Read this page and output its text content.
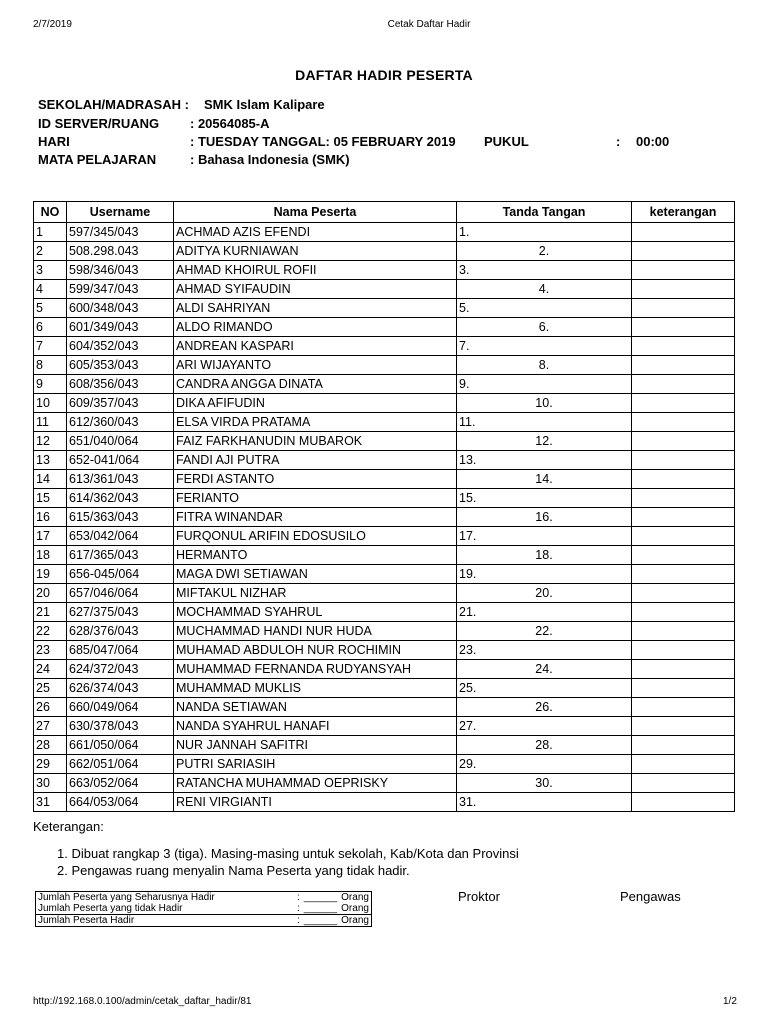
2/7/2019	Cetak Daftar Hadir
DAFTAR HADIR PESERTA
SEKOLAH/MADRASAH : SMK Islam Kalipare
ID SERVER/RUANG : 20564085-A
HARI	: TUESDAY TANGGAL: 05 FEBRUARY 2019 PUKUL	: 00:00
MATA PELAJARAN	: Bahasa Indonesia (SMK)
NO	Username	Nama Peserta	Tanda Tangan	keterangan
1	597/345/043	ACHMAD AZIS EFENDI	1.	
2	508.298.043	ADITYA KURNIAWAN	2.	
3	598/346/043	AHMAD KHOIRUL ROFII	3.	
4	599/347/043	AHMAD SYIFAUDIN	4.	
5	600/348/043	ALDI SAHRIYAN	5.	
6	601/349/043	ALDO RIMANDO	6.	
7	604/352/043	ANDREAN KASPARI	7.	
8	605/353/043	ARI WIJAYANTO	8.	
9	608/356/043	CANDRA ANGGA DINATA	9.	
10	609/357/043	DIKA AFIFUDIN	10.	
11	612/360/043	ELSA VIRDA PRATAMA	11.	
12	651/040/064	FAIZ FARKHANUDIN MUBAROK	12.	
13	652-041/064	FANDI AJI PUTRA	13.	
14	613/361/043	FERDI ASTANTO	14.	
15	614/362/043	FERIANTO	15.	
16	615/363/043	FITRA WINANDAR	16.	
17	653/042/064	FURQONUL ARIFIN EDOSUSILO	17.	
18	617/365/043	HERMANTO	18.	
19	656-045/064	MAGA DWI SETIAWAN	19.	
20	657/046/064	MIFTAKUL NIZHAR	20.	
21	627/375/043	MOCHAMMAD SYAHRUL	21.	
22	628/376/043	MUCHAMMAD HANDI NUR HUDA	22.	
23	685/047/064	MUHAMAD ABDULOH NUR ROCHIMIN	23.	
24	624/372/043	MUHAMMAD FERNANDA RUDYANSYAH	24.	
25	626/374/043	MUHAMMAD MUKLIS	25.	
26	660/049/064	NANDA SETIAWAN	26.	
27	630/378/043	NANDA SYAHRUL HANAFI	27.	
28	661/050/064	NUR JANNAH SAFITRI	28.	
29	662/051/064	PUTRI SARIASIH	29.	
30	663/052/064	RATANCHA MUHAMMAD OEPRISKY	30.	
31	664/053/064	RENI VIRGIANTI	31.	
Keterangan:
1. Dibuat rangkap 3 (tiga). Masing-masing untuk sekolah, Kab/Kota dan Provinsi
2. Pengawas ruang menyalin Nama Peserta yang tidak hadir.
Jumlah Peserta yang Seharusnya Hadir	:	______	Orang
Jumlah Peserta yang tidak Hadir	:	______	Orang
Jumlah Peserta Hadir	:	______	Orang
Proktor	Pengawas
http://192.168.0.100/admin/cetak_daftar_hadir/81	1/2
